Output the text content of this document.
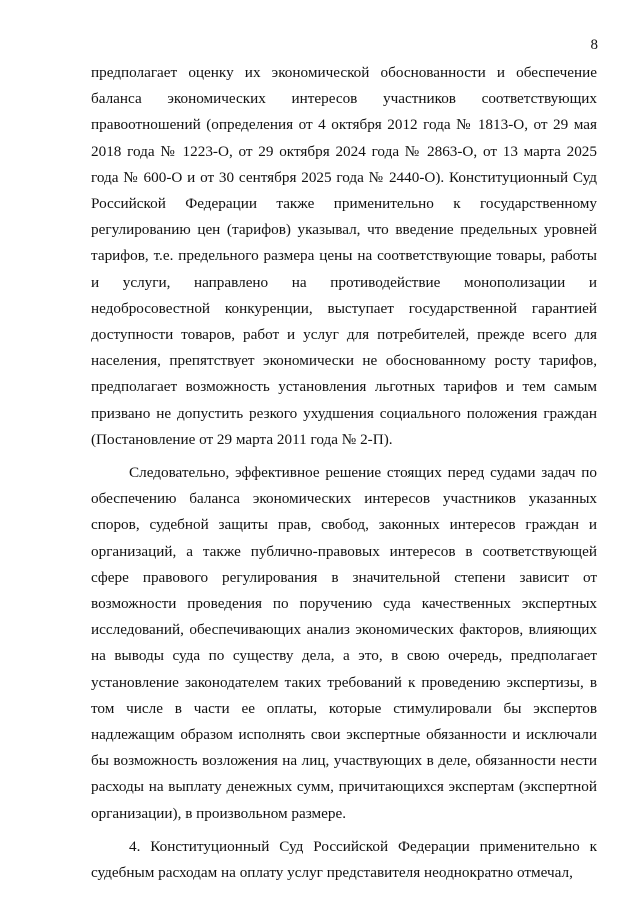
8

предполагает оценку их экономической обоснованности и обеспечение баланса экономических интересов участников соответствующих правоотношений (определения от 4 октября 2012 года № 1813-О, от 29 мая 2018 года № 1223-О, от 29 октября 2024 года № 2863-О, от 13 марта 2025 года № 600-О и от 30 сентября 2025 года № 2440-О). Конституционный Суд Российской Федерации также применительно к государственному регулированию цен (тарифов) указывал, что введение предельных уровней тарифов, т.е. предельного размера цены на соответствующие товары, работы и услуги, направлено на противодействие монополизации и недобросовестной конкуренции, выступает государственной гарантией доступности товаров, работ и услуг для потребителей, прежде всего для населения, препятствует экономически не обоснованному росту тарифов, предполагает возможность установления льготных тарифов и тем самым призвано не допустить резкого ухудшения социального положения граждан (Постановление от 29 марта 2011 года № 2-П).

Следовательно, эффективное решение стоящих перед судами задач по обеспечению баланса экономических интересов участников указанных споров, судебной защиты прав, свобод, законных интересов граждан и организаций, а также публично-правовых интересов в соответствующей сфере правового регулирования в значительной степени зависит от возможности проведения по поручению суда качественных экспертных исследований, обеспечивающих анализ экономических факторов, влияющих на выводы суда по существу дела, а это, в свою очередь, предполагает установление законодателем таких требований к проведению экспертизы, в том числе в части ее оплаты, которые стимулировали бы экспертов надлежащим образом исполнять свои экспертные обязанности и исключали бы возможность возложения на лиц, участвующих в деле, обязанности нести расходы на выплату денежных сумм, причитающихся экспертам (экспертной организации), в произвольном размере.

4. Конституционный Суд Российской Федерации применительно к судебным расходам на оплату услуг представителя неоднократно отмечал,
